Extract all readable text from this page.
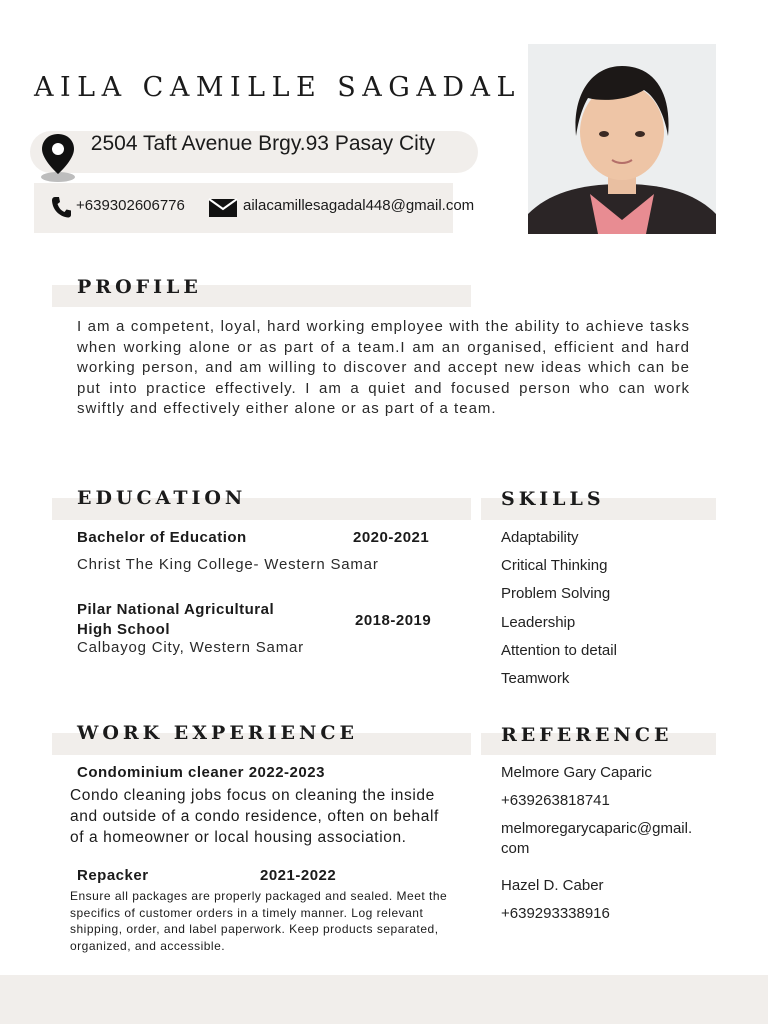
AILA CAMILLE SAGADAL
2504 Taft Avenue Brgy.93 Pasay City
+639302606776	ailacamillesagadal448@gmail.com
PROFILE
I am a competent, loyal, hard working employee with the ability to achieve tasks when working alone or as part of a team.I am an organised, efficient and hard working person, and am willing to discover and accept new ideas which can be put into practice effectively. I am a quiet and focused person who can work swiftly and effectively either alone or as part of a team.
EDUCATION
Bachelor of Education	2020-2021
Christ The King College- Western Samar
Pilar National Agricultural
High School
2018-2019
Calbayog City, Western Samar
SKILLS
Adaptability
Critical Thinking
Problem Solving
Leadership
Attention to detail
Teamwork
WORK EXPERIENCE
Condominium cleaner 2022-2023
Condo cleaning jobs focus on cleaning the inside and outside of a condo residence, often on behalf of a homeowner or local housing association.
Repacker	2021-2022
Ensure all packages are properly packaged and sealed. Meet the specifics of customer orders in a timely manner. Log relevant shipping, order, and label paperwork. Keep products separated, organized, and accessible.
REFERENCE
Melmore Gary Caparic
+639263818741
melmoregarycaparic@gmail.
com
Hazel D. Caber
+639293338916
